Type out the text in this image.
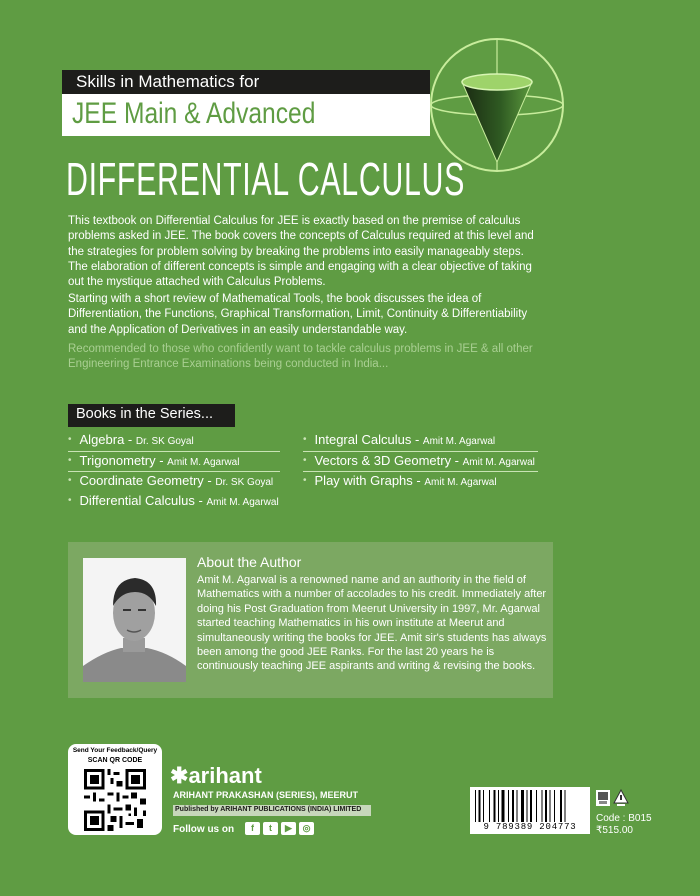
Skills in Mathematics for
JEE Main & Advanced
DIFFERENTIAL CALCULUS
This textbook on Differential Calculus for JEE is exactly based on the premise of calculus problems asked in JEE. The book covers the concepts of Calculus required at this level and the strategies for problem solving by breaking the problems into easily manageably steps. The elaboration of different concepts is simple and engaging with a clear objective of taking out the mystique attached with Calculus Problems.
Starting with a short review of Mathematical Tools, the book discusses the idea of Differentiation, the Functions, Graphical Transformation, Limit, Continuity & Differentiability and the Application of Derivatives in an easily understandable way.
Recommended to those who confidently want to tackle calculus problems in JEE & all other Engineering Entrance Examinations being conducted in India...
Books in the Series...
• Algebra - Dr. SK Goyal
• Trigonometry - Amit M. Agarwal
• Coordinate Geometry - Dr. SK Goyal
• Differential Calculus - Amit M. Agarwal
• Integral Calculus - Amit M. Agarwal
• Vectors & 3D Geometry - Amit M. Agarwal
• Play with Graphs - Amit M. Agarwal
About the Author
Amit M. Agarwal is a renowned name and an authority in the field of Mathematics with a number of accolades to his credit. Immediately after doing his Post Graduation from Meerut University in 1997, Mr. Agarwal started teaching Mathematics in his own institute at Meerut and simultaneously writing the books for JEE. Amit sir's students has always been among the good JEE Ranks. For the last 20 years he is continuously teaching JEE aspirants and writing & revising the books.
Send Your Feedback/Query
SCAN QR CODE
✱arihant
ARIHANT PRAKASHAN (SERIES), MEERUT
Published by ARIHANT PUBLICATIONS (INDIA) LIMITED
Follow us on	f	t	▶	◎	9 789389 204773
Code : B015
₹515.00
